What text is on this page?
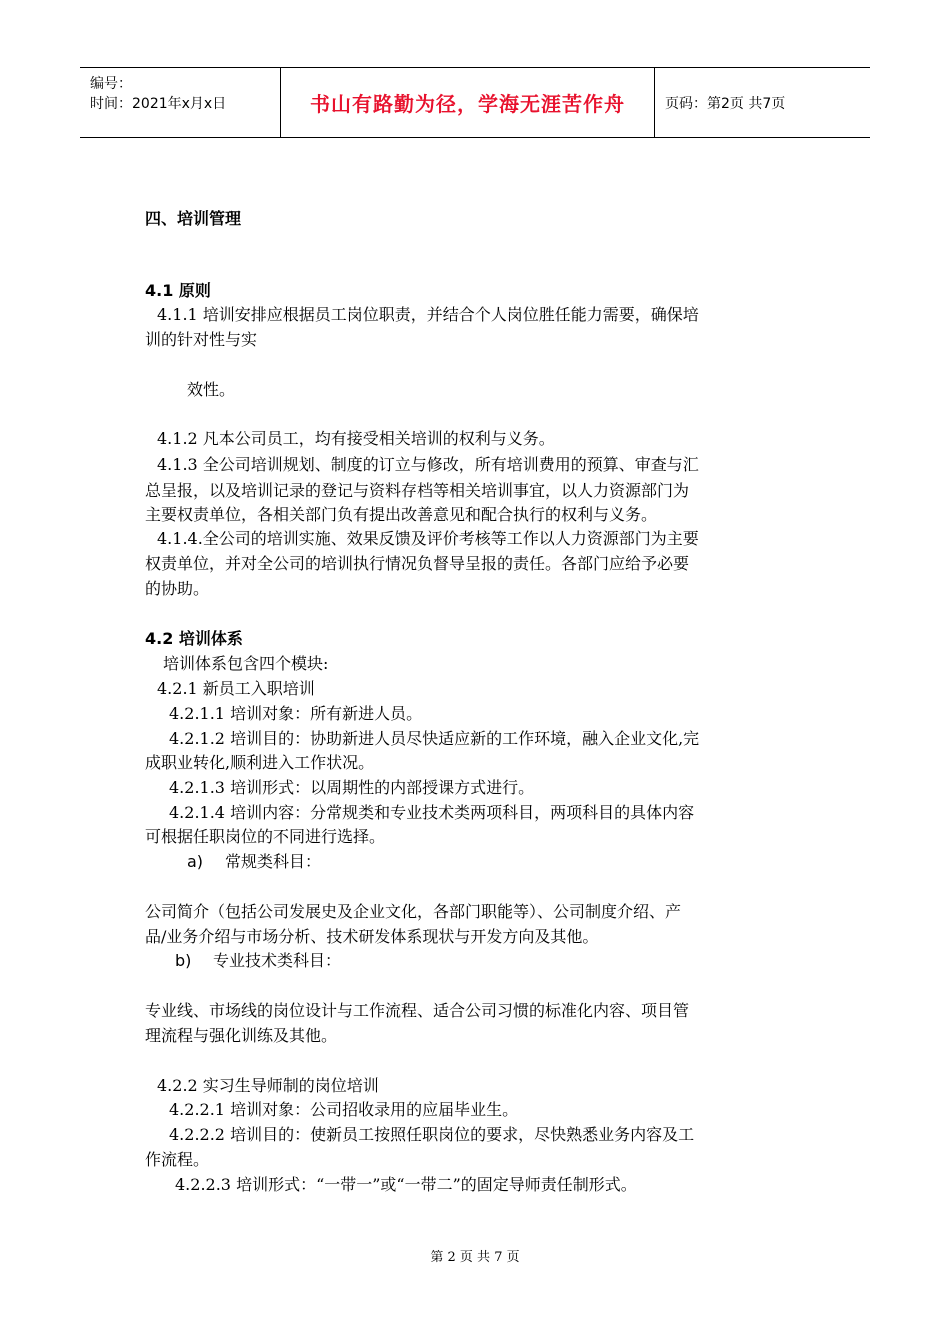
编号：
时间：2021年x月x日	书山有路勤为径，学海无涯苦作舟	页码：第2页 共7页
四、培训管理
4.1 原则
4.1.1 培训安排应根据员工岗位职责，并结合个人岗位胜任能力需要，确保培
训的针对性与实
效性。
4.1.2 凡本公司员工，均有接受相关培训的权利与义务。
4.1.3 全公司培训规划、制度的订立与修改，所有培训费用的预算、审查与汇
总呈报，以及培训记录的登记与资料存档等相关培训事宜，以人力资源部门为
主要权责单位，各相关部门负有提出改善意见和配合执行的权利与义务。
4.1.4.全公司的培训实施、效果反馈及评价考核等工作以人力资源部门为主要
权责单位，并对全公司的培训执行情况负督导呈报的责任。各部门应给予必要
的协助。
4.2 培训体系
培训体系包含四个模块:
4.2.1 新员工入职培训
4.2.1.1 培训对象：所有新进人员。
4.2.1.2 培训目的：协助新进人员尽快适应新的工作环境，融入企业文化,完
成职业转化,顺利进入工作状况。
4.2.1.3 培训形式：以周期性的内部授课方式进行。
4.2.1.4 培训内容：分常规类和专业技术类两项科目，两项科目的具体内容
可根据任职岗位的不同进行选择。
a) 常规类科目：
公司简介（包括公司发展史及企业文化，各部门职能等）、公司制度介绍、产
品/业务介绍与市场分析、技术研发体系现状与开发方向及其他。
b) 专业技术类科目：
专业线、市场线的岗位设计与工作流程、适合公司习惯的标准化内容、项目管
理流程与强化训练及其他。
4.2.2 实习生导师制的岗位培训
4.2.2.1 培训对象：公司招收录用的应届毕业生。
4.2.2.2 培训目的：使新员工按照任职岗位的要求，尽快熟悉业务内容及工
作流程。
4.2.2.3 培训形式：“一带一”或“一带二”的固定导师责任制形式。
第 2 页 共 7 页
